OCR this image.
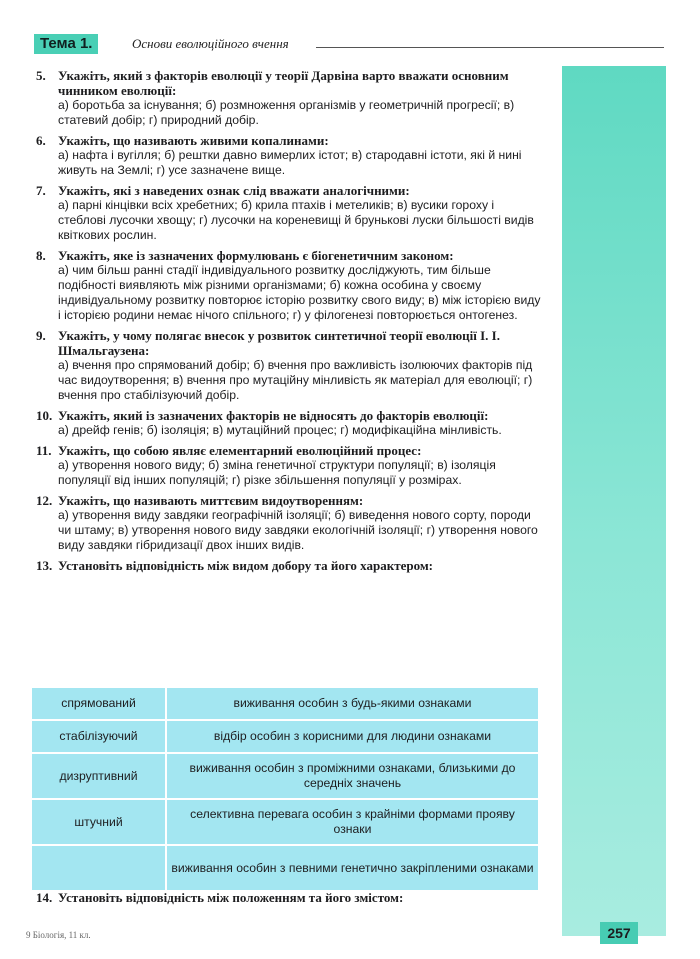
Тема 1.	Основи еволюційного вчення
5. Укажіть, який з факторів еволюції у теорії Дарвіна варто вважати основним чинником еволюції:
а) боротьба за існування; б) розмноження організмів у геометричній прогресії; в) статевий добір; г) природний добір.
6. Укажіть, що називають живими копалинами:
а) нафта і вугілля; б) рештки давно вимерлих істот; в) стародавні істоти, які й нині живуть на Землі; г) усе зазначене вище.
7. Укажіть, які з наведених ознак слід вважати аналогічними:
а) парні кінцівки всіх хребетних; б) крила птахів і метеликів; в) вусики гороху і стеблові лусочки хвощу; г) лусочки на кореневищі й брунькові луски більшості видів квіткових рослин.
8. Укажіть, яке із зазначених формулювань є біогенетичним законом:
а) чим більш ранні стадії індивідуального розвитку досліджують, тим більше подібності виявляють між різними організмами; б) кожна особина у своєму індивідуальному розвитку повторює історію розвитку свого виду; в) між історією виду і історією родини немає нічого спільного; г) у філогенезі повторюється онтогенез.
9. Укажіть, у чому полягає внесок у розвиток синтетичної теорії еволюції І. І. Шмальгаузена:
а) вчення про спрямований добір; б) вчення про важливість ізолюючих факторів під час видоутворення; в) вчення про мутаційну мінливість як матеріал для еволюції; г) вчення про стабілізуючий добір.
10. Укажіть, який із зазначених факторів не відносять до факторів еволюції:
а) дрейф генів; б) ізоляція; в) мутаційний процес; г) модифікаційна мінливість.
11. Укажіть, що собою являє елементарний еволюційний процес:
а) утворення нового виду; б) зміна генетичної структури популяції; в) ізоляція популяції від інших популяцій; г) різке збільшення популяції у розмірах.
12. Укажіть, що називають миттєвим видоутворенням:
а) утворення виду завдяки географічній ізоляції; б) виведення нового сорту, породи чи штаму; в) утворення нового виду завдяки екологічній ізоляції; г) утворення нового виду завдяки гібридизації двох інших видів.
13. Установіть відповідність між видом добору та його характером:
спрямований	виживання особин з будь-якими ознаками
стабілізуючий	відбір особин з корисними для людини ознаками
дизруптивний	виживання особин з проміжними ознаками, близькими до середніх значень
штучний	селективна перевага особин з крайніми формами прояву ознаки
	виживання особин з певними генетично закріпленими ознаками
14. Установіть відповідність між положенням та його змістом:
9 Біологія, 11 кл.	257
